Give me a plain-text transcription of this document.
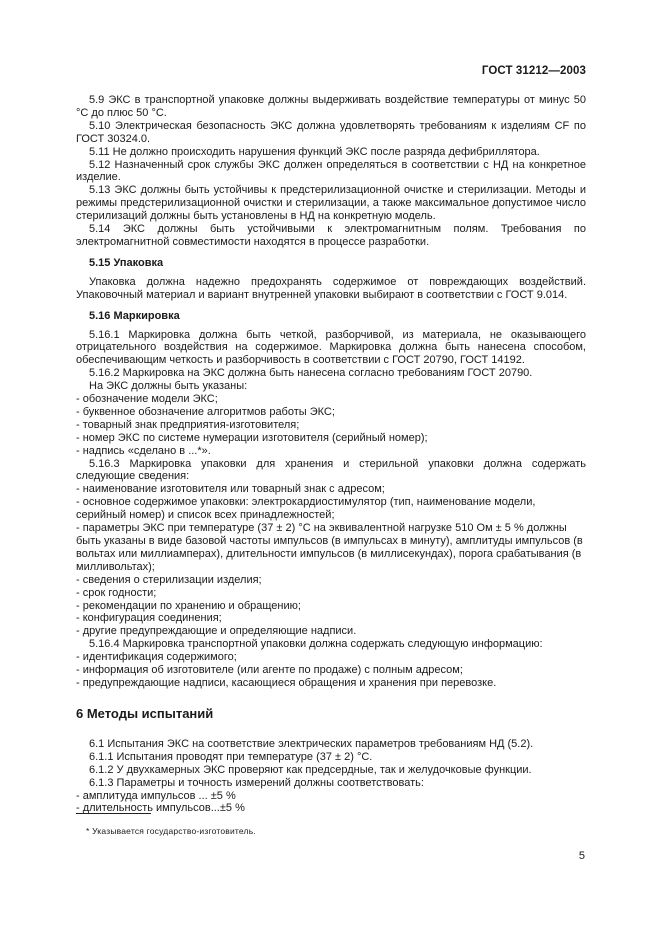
ГОСТ 31212—2003

5.9 ЭКС в транспортной упаковке должны выдерживать воздействие температуры от минус 50 °С до плюс 50 °С.

5.10 Электрическая безопасность ЭКС должна удовлетворять требованиям к изделиям CF по ГОСТ 30324.0.

5.11 Не должно происходить нарушения функций ЭКС после разряда дефибриллятора.

5.12 Назначенный срок службы ЭКС должен определяться в соответствии с НД на конкретное изделие.

5.13 ЭКС должны быть устойчивы к предстерилизационной очистке и стерилизации. Методы и режимы предстерилизационной очистки и стерилизации, а также максимальное допустимое число стерилизаций должны быть установлены в НД на конкретную модель.

5.14 ЭКС должны быть устойчивыми к электромагнитным полям. Требования по электромагнитной совместимости находятся в процессе разработки.

5.15 Упаковка

Упаковка должна надежно предохранять содержимое от повреждающих воздействий. Упаковочный материал и вариант внутренней упаковки выбирают в соответствии с ГОСТ 9.014.

5.16 Маркировка

5.16.1 Маркировка должна быть четкой, разборчивой, из материала, не оказывающего отрицательного воздействия на содержимое. Маркировка должна быть нанесена способом, обеспечивающим четкость и разборчивость в соответствии с ГОСТ 20790, ГОСТ 14192.

5.16.2 Маркировка на ЭКС должна быть нанесена согласно требованиям ГОСТ 20790.

На ЭКС должны быть указаны:

- обозначение модели ЭКС;

- буквенное обозначение алгоритмов работы ЭКС;

- товарный знак предприятия-изготовителя;

- номер ЭКС по системе нумерации изготовителя (серийный номер);

- надпись «сделано в ...*».

5.16.3 Маркировка упаковки для хранения и стерильной упаковки должна содержать следующие сведения:

- наименование изготовителя или товарный знак с адресом;

- основное содержимое упаковки: электрокардиостимулятор (тип, наименование модели, серийный номер) и список всех принадлежностей;

- параметры ЭКС при температуре (37 ± 2) °С на эквивалентной нагрузке 510 Ом ± 5 % должны быть указаны в виде базовой частоты импульсов (в импульсах в минуту), амплитуды импульсов (в вольтах или миллиамперах), длительности импульсов (в миллисекундах), порога срабатывания (в милливольтах);

- сведения о стерилизации изделия;

- срок годности;

- рекомендации по хранению и обращению;

- конфигурация соединения;

- другие предупреждающие и определяющие надписи.

5.16.4 Маркировка транспортной упаковки должна содержать следующую информацию:

- идентификация содержимого;

- информация об изготовителе (или агенте по продаже) с полным адресом;

- предупреждающие надписи, касающиеся обращения и хранения при перевозке.

6 Методы испытаний

6.1 Испытания ЭКС на соответствие электрических параметров требованиям НД (5.2).

6.1.1 Испытания проводят при температуре (37 ± 2) °С.

6.1.2 У двухкамерных ЭКС проверяют как предсердные, так и желудочковые функции.

6.1.3 Параметры и точность измерений должны соответствовать:

- амплитуда импульсов ... ±5 %

- длительность импульсов...±5 %

* Указывается государство-изготовитель.
5
